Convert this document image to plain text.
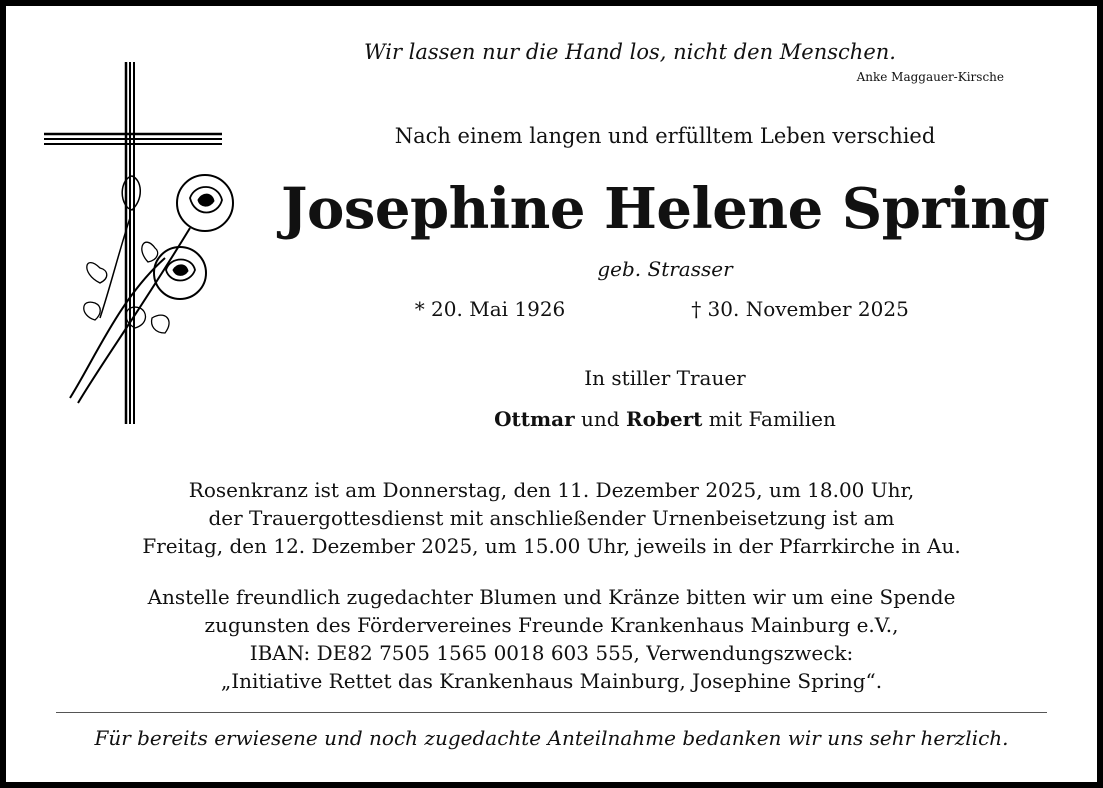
Wir lassen nur die Hand los, nicht den Menschen.
Anke Maggauer-Kirsche
Nach einem langen und erfülltem Leben verschied
Josephine Helene Spring
geb. Strasser
* 20. Mai 1926	† 30. November 2025
In stiller Trauer
Ottmar und Robert mit Familien
Rosenkranz ist am Donnerstag, den 11. Dezember 2025, um 18.00 Uhr,
der Trauergottesdienst mit anschließender Urnenbeisetzung ist am
Freitag, den 12. Dezember 2025, um 15.00 Uhr, jeweils in der Pfarrkirche in Au.
Anstelle freundlich zugedachter Blumen und Kränze bitten wir um eine Spende
zugunsten des Fördervereines Freunde Krankenhaus Mainburg e.V.,
IBAN: DE82 7505 1565 0018 603 555, Verwendungszweck:
„Initiative Rettet das Krankenhaus Mainburg, Josephine Spring“.
Für bereits erwiesene und noch zugedachte Anteilnahme bedanken wir uns sehr herzlich.
